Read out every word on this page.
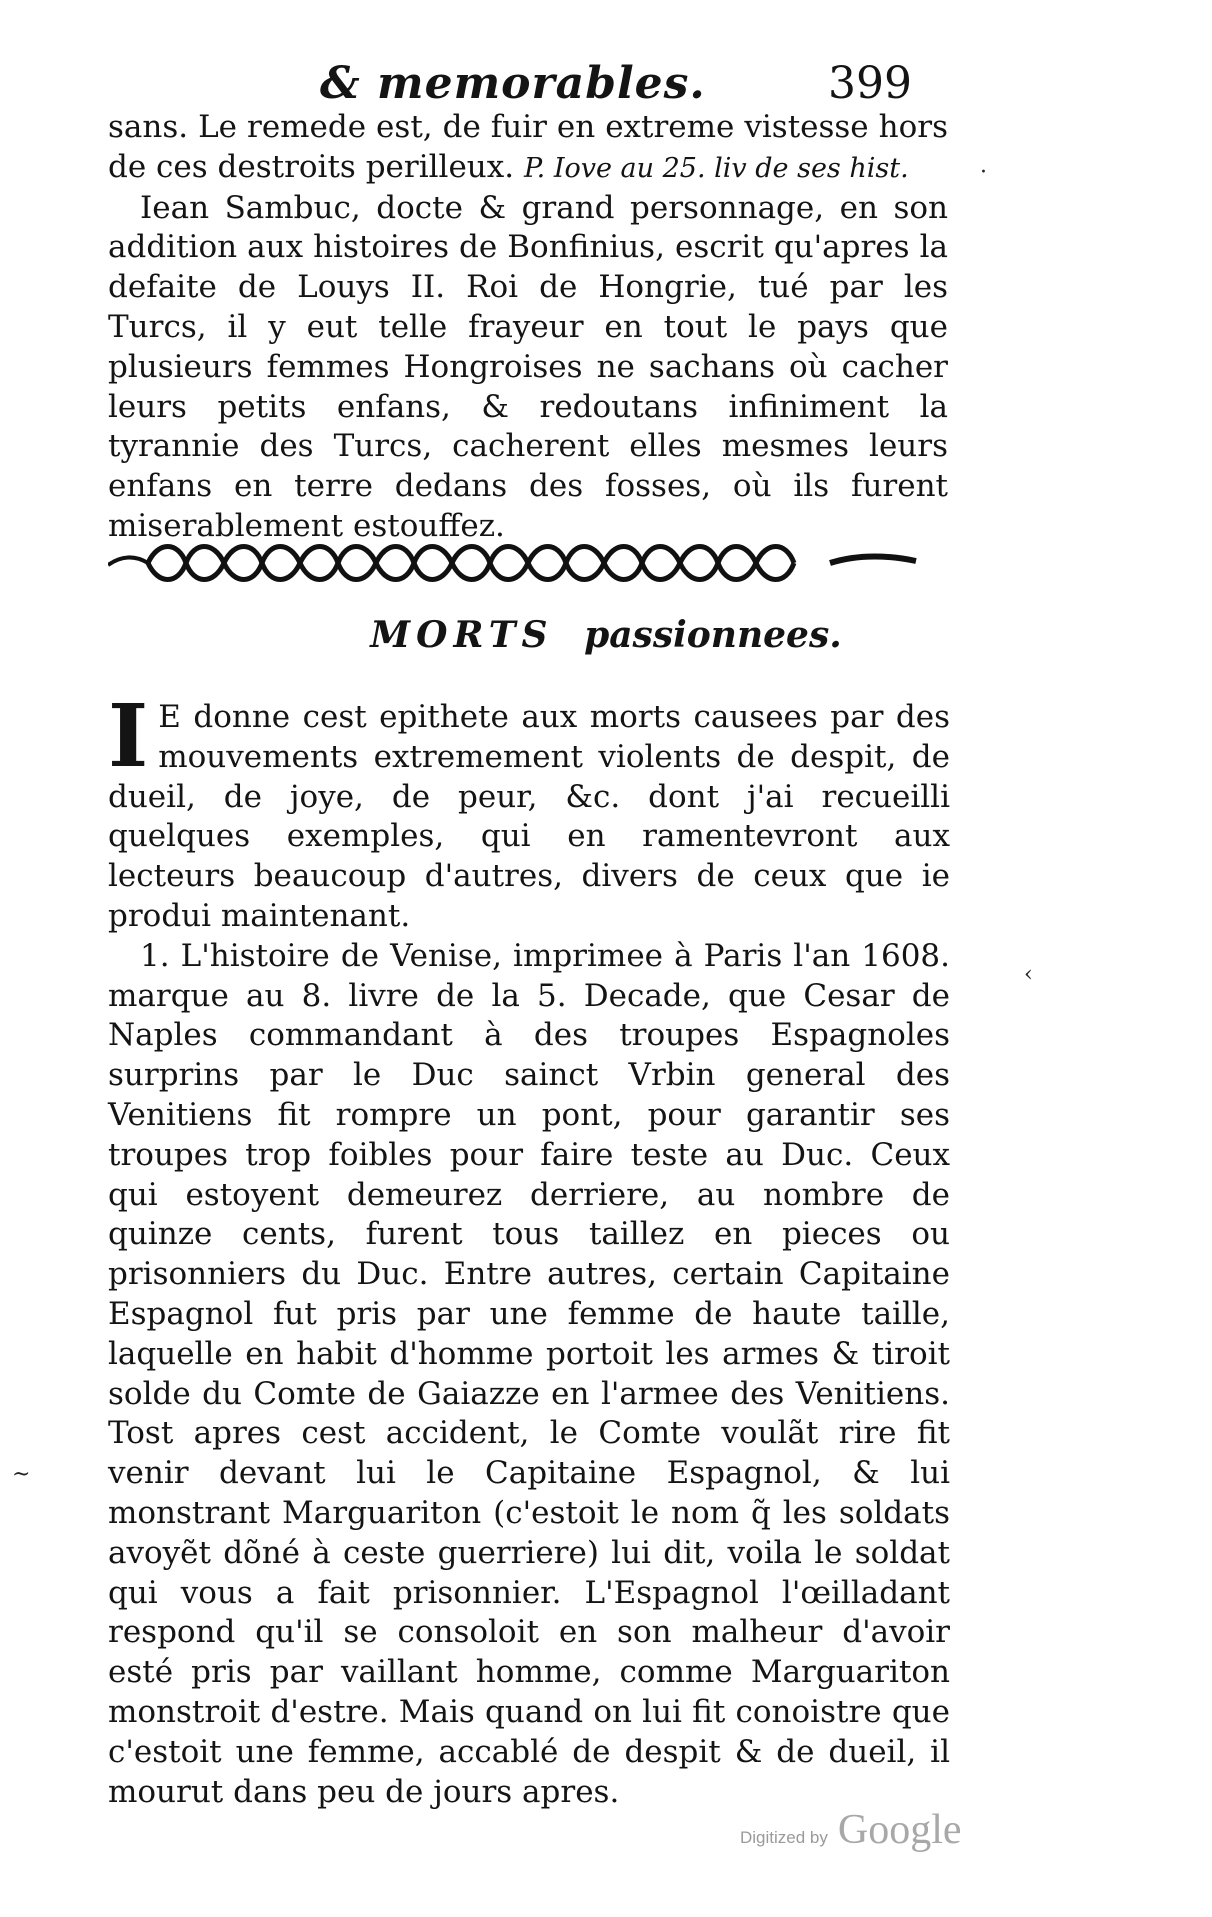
& memorables.	399

sans. Le remede est, de fuir en extreme vistesse hors de ces destroits perilleux. P. Iove au 25. liv de ses hist.

Iean Sambuc, docte & grand personnage, en son addition aux histoires de Bonfinius, escrit qu'apres la defaite de Louys II. Roi de Hongrie, tué par les Turcs, il y eut telle frayeur en tout le pays que plusieurs femmes Hongroises ne sachans où cacher leurs petits enfans, & redoutans infiniment la tyrannie des Turcs, cacherent elles mesmes leurs enfans en terre dedans des fosses, où ils furent miserablement estouffez.

MORTS passionnees.

I E donne cest epithete aux morts causees par des mouvements extremement violents de despit, de dueil, de joye, de peur, &c. dont j'ai recueilli quelques exemples, qui en ramentevront aux lecteurs beaucoup d'autres, divers de ceux que ie produi maintenant.

1. L'histoire de Venise, imprimee à Paris l'an 1608. marque au 8. livre de la 5. Decade, que Cesar de Naples commandant à des troupes Espagnoles surprins par le Duc sainct Vrbin general des Venitiens fit rompre un pont, pour garantir ses troupes trop foibles pour faire teste au Duc. Ceux qui estoyent demeurez derriere, au nombre de quinze cents, furent tous taillez en pieces ou prisonniers du Duc. Entre autres, certain Capitaine Espagnol fut pris par une femme de haute taille, laquelle en habit d'homme portoit les armes & tiroit solde du Comte de Gaiazze en l'armee des Venitiens. Tost apres cest accident, le Comte voulãt rire fit venir devant lui le Capitaine Espagnol, & lui monstrant Marguariton (c'estoit le nom q̃ les soldats avoyẽt dõné à ceste guerriere) lui dit, voila le soldat qui vous a fait prisonnier. L'Espagnol l'œilladant respond qu'il se consoloit en son malheur d'avoir esté pris par vaillant homme, comme Marguariton monstroit d'estre. Mais quand on lui fit conoistre que c'estoit une femme, accablé de despit & de dueil, il mourut dans peu de jours apres.

·
‹
~
Digitized by Google
